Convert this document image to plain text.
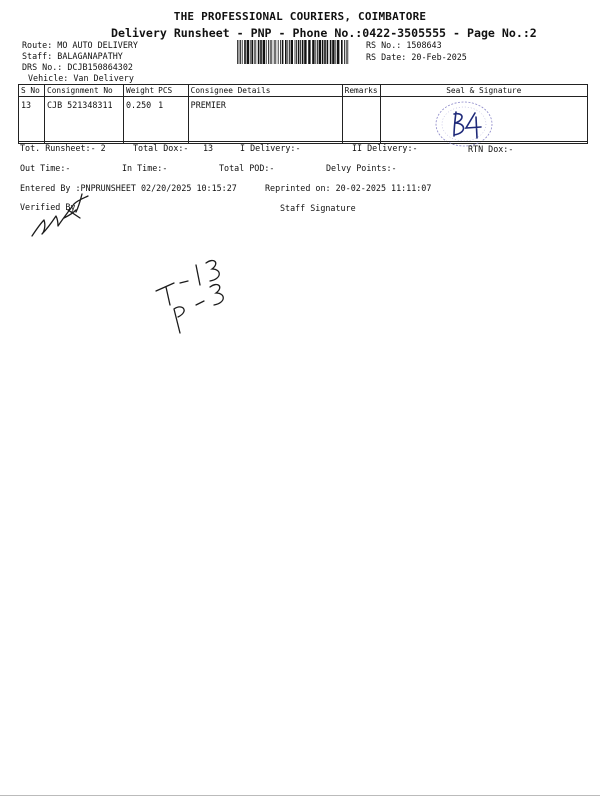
THE PROFESSIONAL COURIERS, COIMBATORE
Delivery Runsheet - PNP - Phone No.:0422-3505555 - Page No.:2
Route: MO AUTO DELIVERY
Staff: BALAGANAPATHY
DRS No.: DCJB150864302
Vehicle: Van Delivery
RS No.: 1508643
RS Date: 20-Feb-2025
S No	Consignment No	Weight	PCS	Consignee Details	Remarks	Seal & Signature
13	CJB 521348311	0.250	1	PREMIER		
Tot. Runsheet:- 2	Total Dox:- 13	I Delivery:-	II Delivery:-	RTN Dox:-
Out Time:-	In Time:-	Total POD:-	Delvy Points:-
Entered By :PNPRUNSHEET 02/20/2025 10:15:27	Reprinted on: 20-02-2025 11:11:07
Verified By	Staff Signature
